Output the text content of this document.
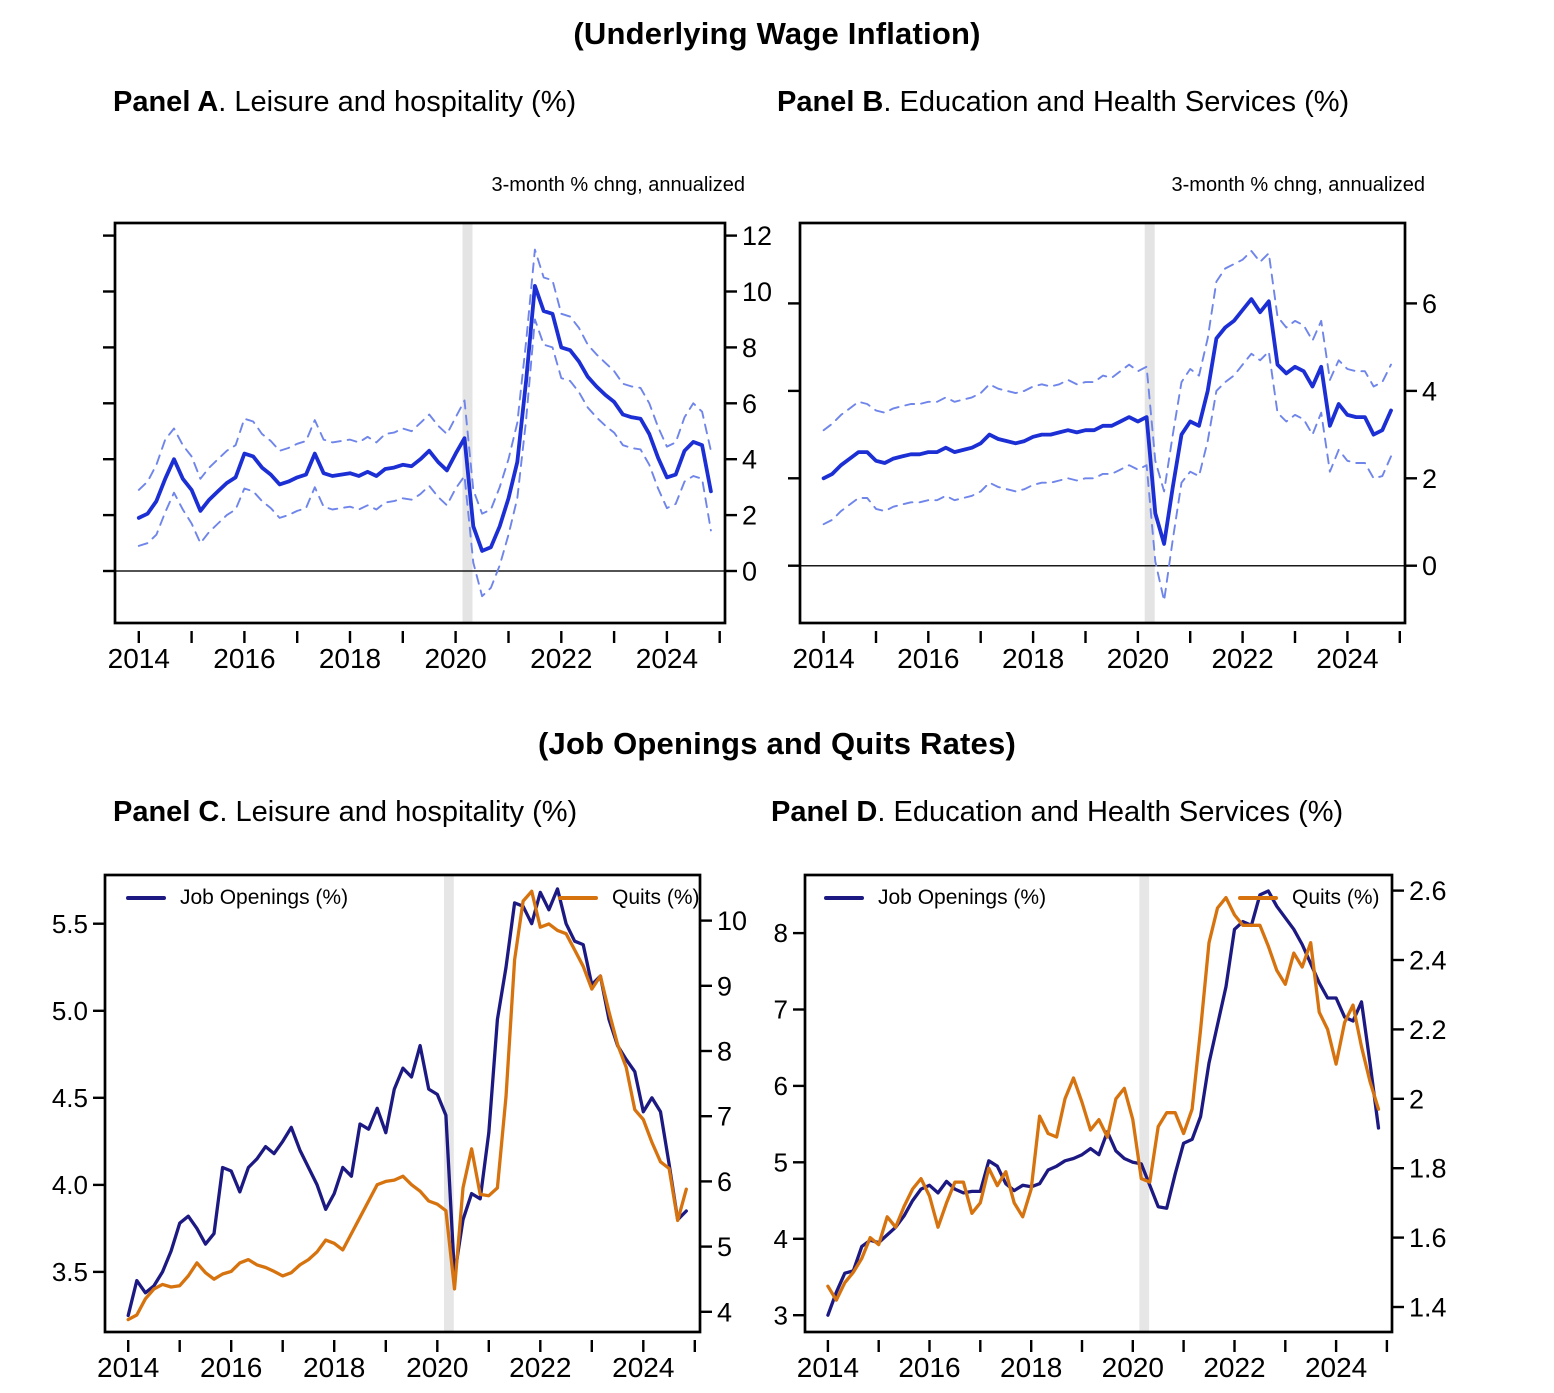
(Underlying Wage Inflation)
Panel A. Leisure and hospitality (%)	Panel B. Education and Health Services (%)
3-month % chng, annualized	3-month % chng, annualized
2014 2016 2018 2020 2022 2024
0
2
4
6
8
10
12
2014 2016 2018 2020 2022 2024
0
2
4
6
(Job Openings and Quits Rates)
Panel C. Leisure and hospitality (%)	Panel D. Education and Health Services (%)
2014 2016 2018 2020 2022 2024
3.5
4.0
4.5
5.0
5.5
4
5
6
7
8
9
10
2014 2016 2018 2020 2022 2024
3
4
5
6
7
8
1.4
1.6
1.8
2
2.2
2.4
2.6
Job Openings (%)	Quits (%)	Job Openings (%)	Quits (%)
